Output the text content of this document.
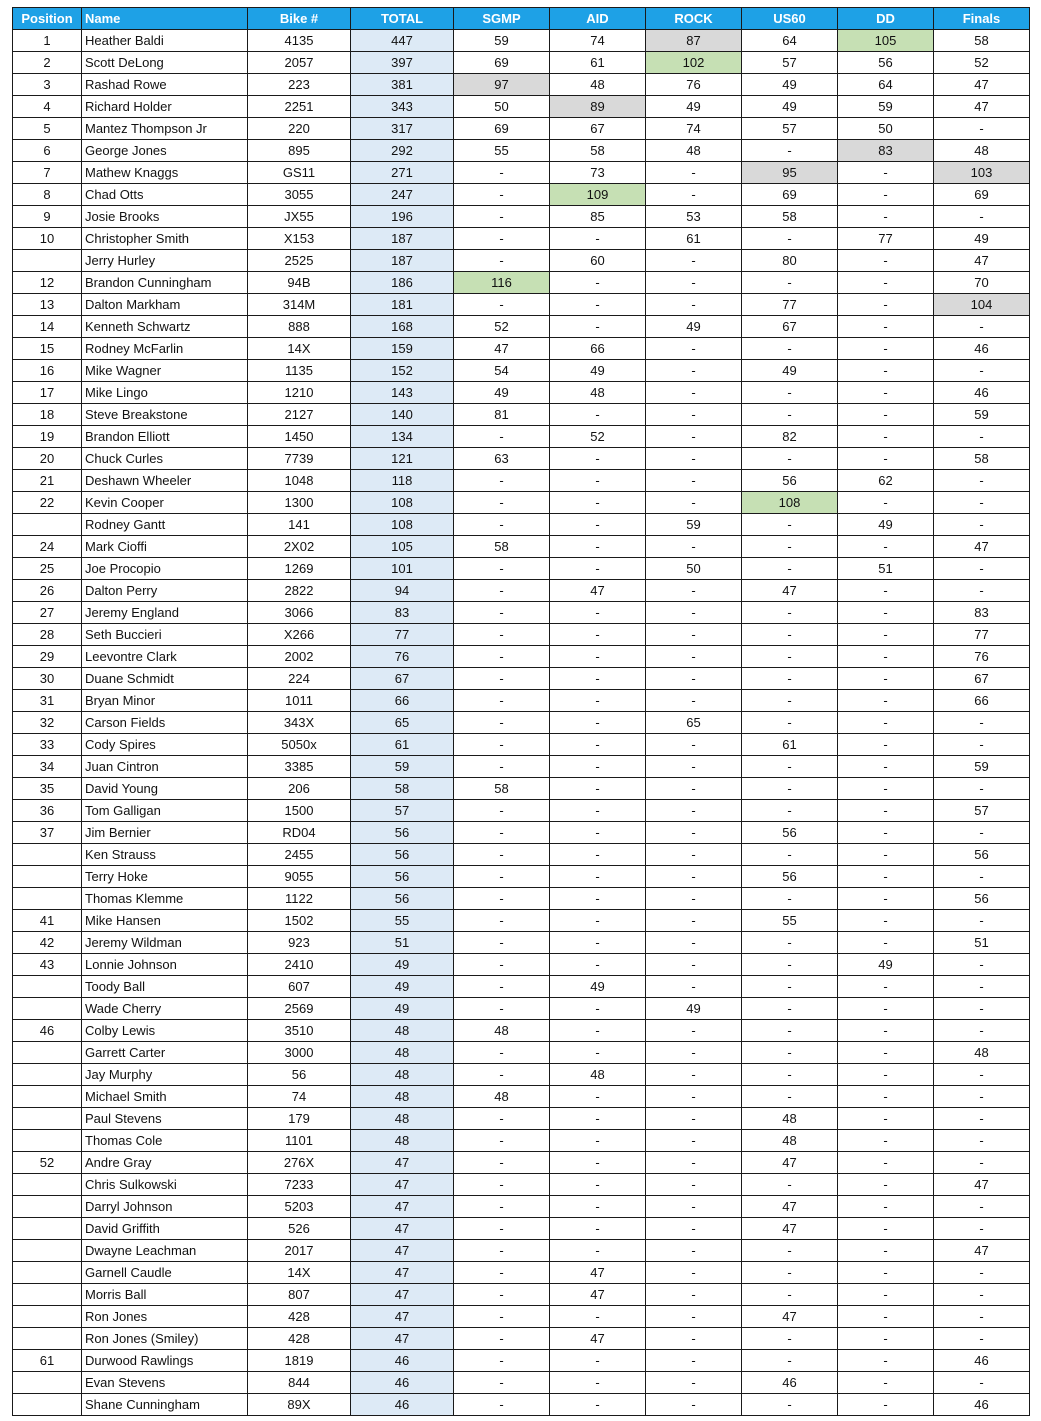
Position	Name	Bike #	TOTAL	SGMP	AID	ROCK	US60	DD	Finals
1	Heather Baldi	4135	447	59	74	87	64	105	58
2	Scott DeLong	2057	397	69	61	102	57	56	52
3	Rashad Rowe	223	381	97	48	76	49	64	47
4	Richard Holder	2251	343	50	89	49	49	59	47
5	Mantez Thompson Jr	220	317	69	67	74	57	50	-
6	George Jones	895	292	55	58	48	-	83	48
7	Mathew Knaggs	GS11	271	-	73	-	95	-	103
8	Chad Otts	3055	247	-	109	-	69	-	69
9	Josie Brooks	JX55	196	-	85	53	58	-	-
10	Christopher Smith	X153	187	-	-	61	-	77	49
	Jerry Hurley	2525	187	-	60	-	80	-	47
12	Brandon Cunningham	94B	186	116	-	-	-	-	70
13	Dalton Markham	314M	181	-	-	-	77	-	104
14	Kenneth Schwartz	888	168	52	-	49	67	-	-
15	Rodney McFarlin	14X	159	47	66	-	-	-	46
16	Mike Wagner	1135	152	54	49	-	49	-	-
17	Mike Lingo	1210	143	49	48	-	-	-	46
18	Steve Breakstone	2127	140	81	-	-	-	-	59
19	Brandon Elliott	1450	134	-	52	-	82	-	-
20	Chuck Curles	7739	121	63	-	-	-	-	58
21	Deshawn Wheeler	1048	118	-	-	-	56	62	-
22	Kevin Cooper	1300	108	-	-	-	108	-	-
	Rodney Gantt	141	108	-	-	59	-	49	-
24	Mark Cioffi	2X02	105	58	-	-	-	-	47
25	Joe Procopio	1269	101	-	-	50	-	51	-
26	Dalton Perry	2822	94	-	47	-	47	-	-
27	Jeremy England	3066	83	-	-	-	-	-	83
28	Seth Buccieri	X266	77	-	-	-	-	-	77
29	Leevontre Clark	2002	76	-	-	-	-	-	76
30	Duane Schmidt	224	67	-	-	-	-	-	67
31	Bryan Minor	1011	66	-	-	-	-	-	66
32	Carson Fields	343X	65	-	-	65	-	-	-
33	Cody Spires	5050x	61	-	-	-	61	-	-
34	Juan Cintron	3385	59	-	-	-	-	-	59
35	David Young	206	58	58	-	-	-	-	-
36	Tom Galligan	1500	57	-	-	-	-	-	57
37	Jim Bernier	RD04	56	-	-	-	56	-	-
	Ken Strauss	2455	56	-	-	-	-	-	56
	Terry Hoke	9055	56	-	-	-	56	-	-
	Thomas Klemme	1122	56	-	-	-	-	-	56
41	Mike Hansen	1502	55	-	-	-	55	-	-
42	Jeremy Wildman	923	51	-	-	-	-	-	51
43	Lonnie Johnson	2410	49	-	-	-	-	49	-
	Toody Ball	607	49	-	49	-	-	-	-
	Wade Cherry	2569	49	-	-	49	-	-	-
46	Colby Lewis	3510	48	48	-	-	-	-	-
	Garrett Carter	3000	48	-	-	-	-	-	48
	Jay Murphy	56	48	-	48	-	-	-	-
	Michael Smith	74	48	48	-	-	-	-	-
	Paul Stevens	179	48	-	-	-	48	-	-
	Thomas Cole	1101	48	-	-	-	48	-	-
52	Andre Gray	276X	47	-	-	-	47	-	-
	Chris Sulkowski	7233	47	-	-	-	-	-	47
	Darryl Johnson	5203	47	-	-	-	47	-	-
	David Griffith	526	47	-	-	-	47	-	-
	Dwayne Leachman	2017	47	-	-	-	-	-	47
	Garnell Caudle	14X	47	-	47	-	-	-	-
	Morris Ball	807	47	-	47	-	-	-	-
	Ron Jones	428	47	-	-	-	47	-	-
	Ron Jones (Smiley)	428	47	-	47	-	-	-	-
61	Durwood Rawlings	1819	46	-	-	-	-	-	46
	Evan Stevens	844	46	-	-	-	46	-	-
	Shane Cunningham	89X	46	-	-	-	-	-	46
